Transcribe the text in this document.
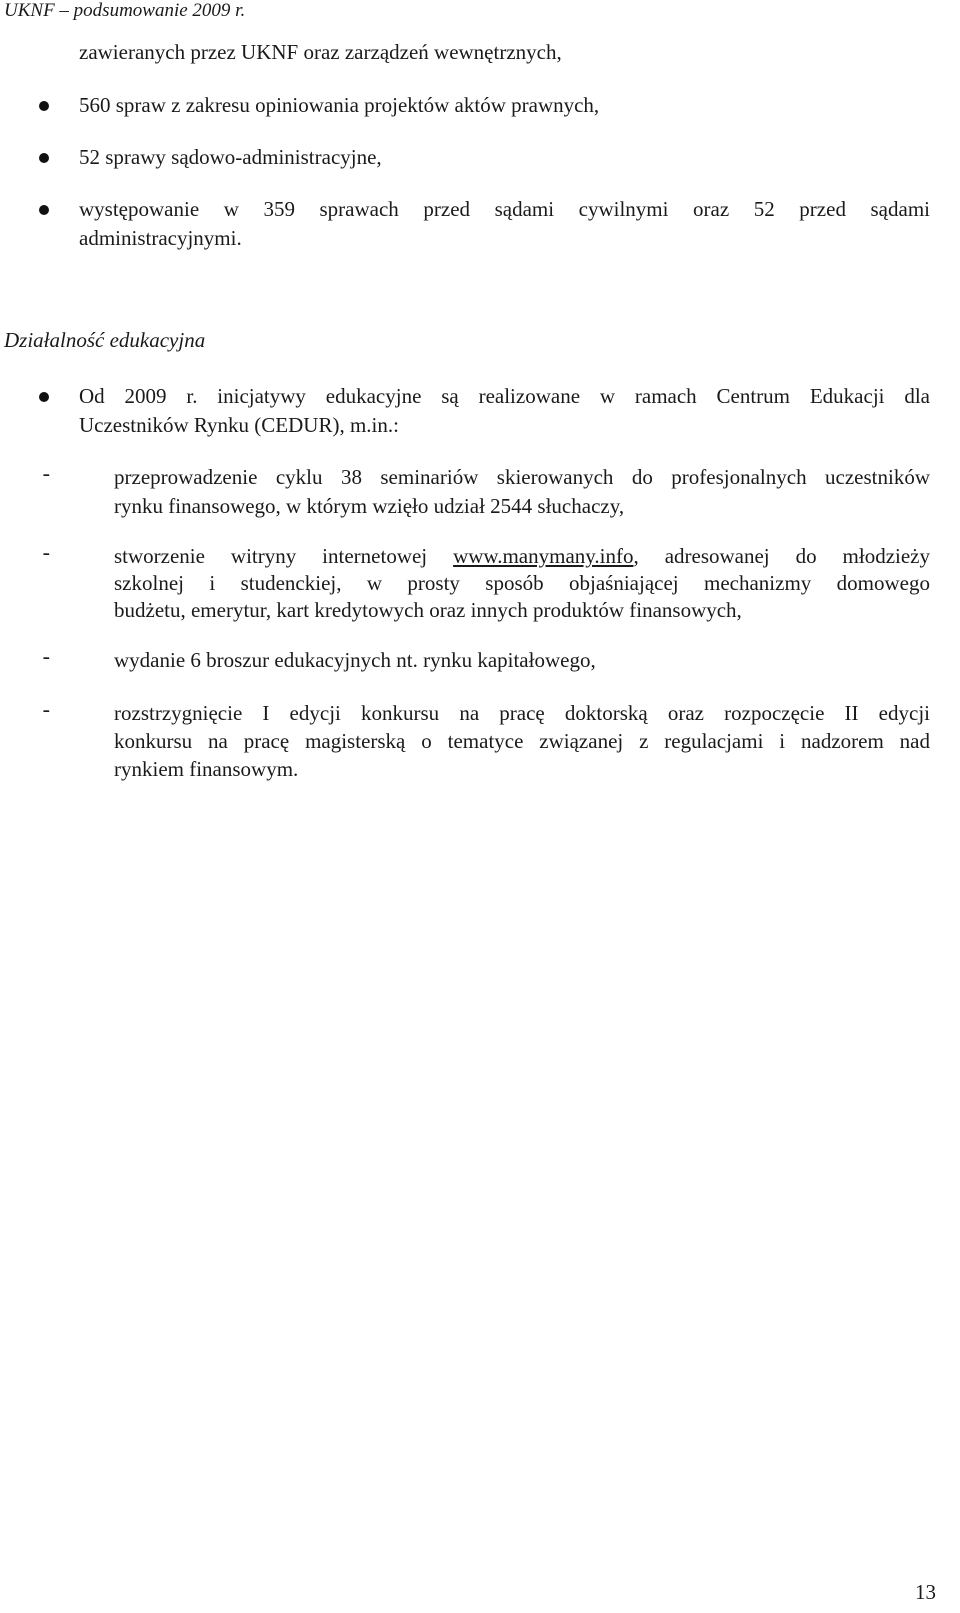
UKNF – podsumowanie 2009 r.
zawieranych przez UKNF oraz zarządzeń wewnętrznych,
560 spraw z zakresu opiniowania projektów aktów prawnych,
52 sprawy sądowo-administracyjne,
występowanie w 359 sprawach przed sądami cywilnymi oraz 52 przed sądami
administracyjnymi.
Działalność edukacyjna
Od 2009 r. inicjatywy edukacyjne są realizowane w ramach Centrum Edukacji dla
Uczestników Rynku (CEDUR), m.in.:
-	przeprowadzenie cyklu 38 seminariów skierowanych do profesjonalnych uczestników
rynku finansowego, w którym wzięło udział 2544 słuchaczy,
-	stworzenie witryny internetowej www.manymany.info, adresowanej do młodzieży
szkolnej i studenckiej, w prosty sposób objaśniającej mechanizmy domowego
budżetu, emerytur, kart kredytowych oraz innych produktów finansowych,
-	wydanie 6 broszur edukacyjnych nt. rynku kapitałowego,
-	rozstrzygnięcie I edycji konkursu na pracę doktorską oraz rozpoczęcie II edycji
konkursu na pracę magisterską o tematyce związanej z regulacjami i nadzorem nad
rynkiem finansowym.
13
